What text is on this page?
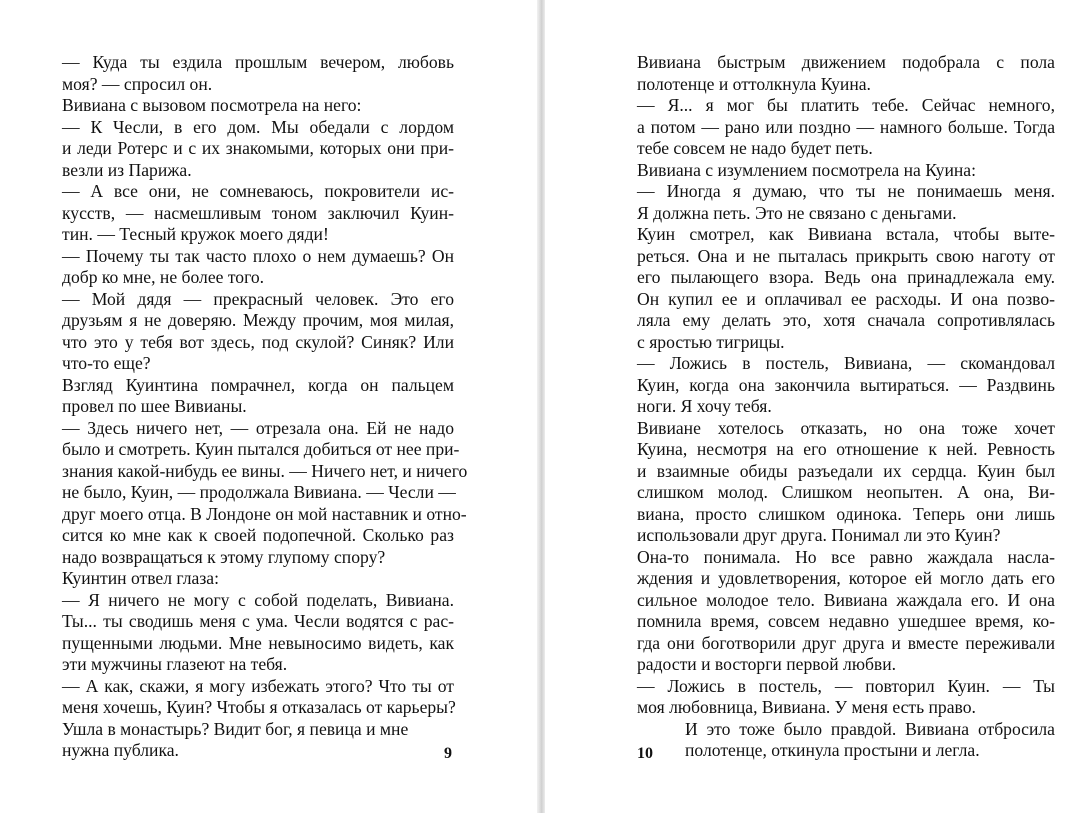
— Куда ты ездила прошлым вечером, любовь
моя? — спросил он.
Вивиана с вызовом посмотрела на него:
— К Чесли, в его дом. Мы обедали с лордом
и леди Ротерс и с их знакомыми, которых они при-
везли из Парижа.
— А все они, не сомневаюсь, покровители ис-
кусств, — насмешливым тоном заключил Куин-
тин. — Тесный кружок моего дяди!
— Почему ты так часто плохо о нем думаешь? Он
добр ко мне, не более того.
— Мой дядя — прекрасный человек. Это его
друзьям я не доверяю. Между прочим, моя милая,
что это у тебя вот здесь, под скулой? Синяк? Или
что-то еще?
Взгляд Куинтина помрачнел, когда он пальцем
провел по шее Вивианы.
— Здесь ничего нет, — отрезала она. Ей не надо
было и смотреть. Куин пытался добиться от нее при-
знания какой-нибудь ее вины. — Ничего нет, и ничего
не было, Куин, — продолжала Вивиана. — Чесли —
друг моего отца. В Лондоне он мой наставник и отно-
сится ко мне как к своей подопечной. Сколько раз
надо возвращаться к этому глупому спору?
Куинтин отвел глаза:
— Я ничего не могу с собой поделать, Вивиана.
Ты... ты сводишь меня с ума. Чесли водятся с рас-
пущенными людьми. Мне невыносимо видеть, как
эти мужчины глазеют на тебя.
— А как, скажи, я могу избежать этого? Что ты от
меня хочешь, Куин? Чтобы я отказалась от карьеры?
Ушла в монастырь? Видит бог, я певица и мне
нужна публика.	9
Вивиана быстрым движением подобрала с пола
полотенце и оттолкнула Куина.
— Я... я мог бы платить тебе. Сейчас немного,
а потом — рано или поздно — намного больше. Тогда
тебе совсем не надо будет петь.
Вивиана с изумлением посмотрела на Куина:
— Иногда я думаю, что ты не понимаешь меня.
Я должна петь. Это не связано с деньгами.
Куин смотрел, как Вивиана встала, чтобы выте-
реться. Она и не пыталась прикрыть свою наготу от
его пылающего взора. Ведь она принадлежала ему.
Он купил ее и оплачивал ее расходы. И она позво-
ляла ему делать это, хотя сначала сопротивлялась
с яростью тигрицы.
— Ложись в постель, Вивиана, — скомандовал
Куин, когда она закончила вытираться. — Раздвинь
ноги. Я хочу тебя.
Вивиане хотелось отказать, но она тоже хочет
Куина, несмотря на его отношение к ней. Ревность
и взаимные обиды разъедали их сердца. Куин был
слишком молод. Слишком неопытен. А она, Ви-
виана, просто слишком одинока. Теперь они лишь
использовали друг друга. Понимал ли это Куин?
Она-то понимала. Но все равно жаждала насла-
ждения и удовлетворения, которое ей могло дать его
сильное молодое тело. Вивиана жаждала его. И она
помнила время, совсем недавно ушедшее время, ко-
гда они боготворили друг друга и вместе переживали
радости и восторги первой любви.
— Ложись в постель, — повторил Куин. — Ты
моя любовница, Вивиана. У меня есть право.
И это тоже было правдой. Вивиана отбросила
полотенце, откинула простыни и легла.
10
